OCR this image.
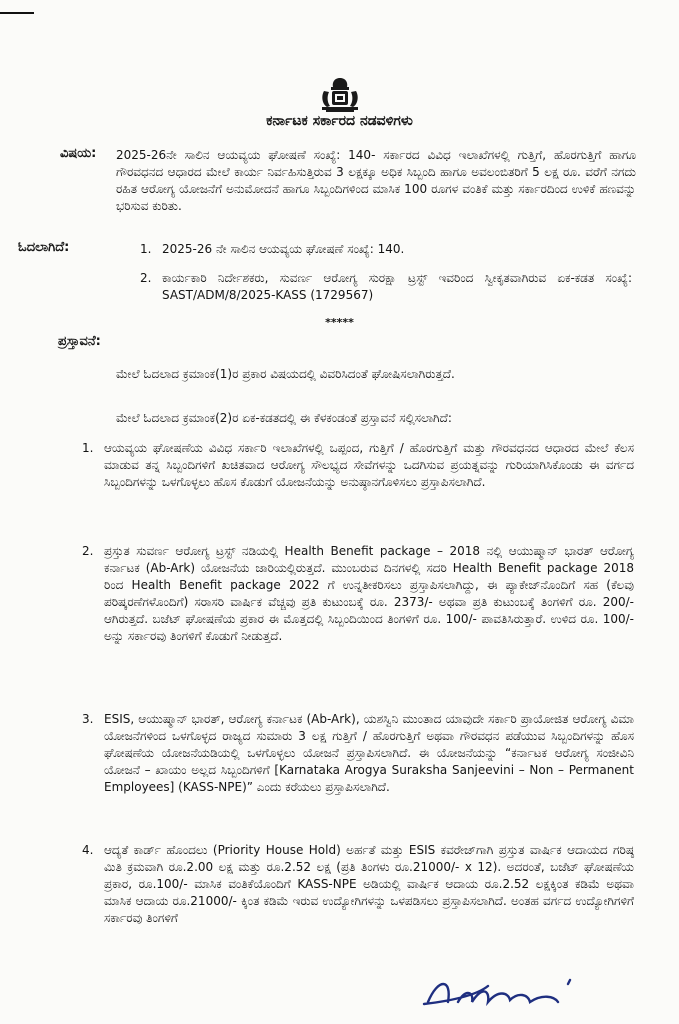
ಕರ್ನಾಟಕ ಸರ್ಕಾರದ ನಡವಳಿಗಳು
ವಿಷಯ: 2025-26ನೇ ಸಾಲಿನ ಆಯವ್ಯಯ ಘೋಷಣೆ ಸಂಖ್ಯೆ: 140- ಸರ್ಕಾರದ ವಿವಿಧ ಇಲಾಖೆಗಳಲ್ಲಿ ಗುತ್ತಿಗೆ, ಹೊರಗುತ್ತಿಗೆ ಹಾಗೂ ಗೌರವಧನದ ಆಧಾರದ ಮೇಲೆ ಕಾರ್ಯ ನಿರ್ವಹಿಸುತ್ತಿರುವ 3 ಲಕ್ಷಕ್ಕೂ ಅಧಿಕ ಸಿಬ್ಬಂದಿ ಹಾಗೂ ಅವಲಂಬಿತರಿಗೆ 5 ಲಕ್ಷ ರೂ. ವರೆಗೆ ನಗದು ರಹಿತ ಆರೋಗ್ಯ ಯೋಜನೆಗೆ ಅನುಮೋದನೆ ಹಾಗೂ ಸಿಬ್ಬಂದಿಗಳಿಂದ ಮಾಸಿಕ 100 ರೂಗಳ ವಂತಿಕೆ ಮತ್ತು ಸರ್ಕಾರದಿಂದ ಉಳಿಕೆ ಹಣವನ್ನು ಭರಿಸುವ ಕುರಿತು.
ಓದಲಾಗಿದೆ:	1. 2025-26 ನೇ ಸಾಲಿನ ಆಯವ್ಯಯ ಘೋಷಣೆ ಸಂಖ್ಯೆ: 140.
2. ಕಾರ್ಯಕಾರಿ ನಿರ್ದೇಶಕರು, ಸುವರ್ಣ ಆರೋಗ್ಯ ಸುರಕ್ಷಾ ಟ್ರಸ್ಟ್ ಇವರಿಂದ ಸ್ವೀಕೃತವಾಗಿರುವ ಏಕ-ಕಡತ ಸಂಖ್ಯೆ: SAST/ADM/8/2025-KASS (1729567)
*****
ಪ್ರಸ್ತಾವನೆ:
ಮೇಲೆ ಓದಲಾದ ಕ್ರಮಾಂಕ(1)ರ ಪ್ರಕಾರ ವಿಷಯದಲ್ಲಿ ವಿವರಿಸಿದಂತೆ ಘೋಷಿಸಲಾಗಿರುತ್ತದೆ.
ಮೇಲೆ ಓದಲಾದ ಕ್ರಮಾಂಕ(2)ರ ಏಕ-ಕಡತದಲ್ಲಿ ಈ ಕೆಳಕಂಡಂತೆ ಪ್ರಸ್ತಾವನೆ ಸಲ್ಲಿಸಲಾಗಿದೆ:
1. ಆಯವ್ಯಯ ಘೋಷಣೆಯ ವಿವಿಧ ಸರ್ಕಾರಿ ಇಲಾಖೆಗಳಲ್ಲಿ ಒಪ್ಪಂದ, ಗುತ್ತಿಗೆ / ಹೊರಗುತ್ತಿಗೆ ಮತ್ತು ಗೌರವಧನದ ಆಧಾರದ ಮೇಲೆ ಕೆಲಸ ಮಾಡುವ ತನ್ನ ಸಿಬ್ಬಂದಿಗಳಿಗೆ ಖಚಿತವಾದ ಆರೋಗ್ಯ ಸೌಲಭ್ಯದ ಸೇವೆಗಳನ್ನು ಒದಗಿಸುವ ಪ್ರಯತ್ನವನ್ನು ಗುರಿಯಾಗಿಸಿಕೊಂಡು ಈ ವರ್ಗದ ಸಿಬ್ಬಂದಿಗಳನ್ನು ಒಳಗೊಳ್ಳಲು ಹೊಸ ಕೊಡುಗೆ ಯೋಜನೆಯನ್ನು ಅನುಷ್ಠಾನಗೊಳಿಸಲು ಪ್ರಸ್ತಾಪಿಸಲಾಗಿದೆ.
2. ಪ್ರಸ್ತುತ ಸುವರ್ಣ ಆರೋಗ್ಯ ಟ್ರಸ್ಟ್ ನಡಿಯಲ್ಲಿ Health Benefit package – 2018 ನಲ್ಲಿ ಆಯುಷ್ಮಾನ್ ಭಾರತ್ ಆರೋಗ್ಯ ಕರ್ನಾಟಕ (Ab-Ark) ಯೋಜನೆಯ ಜಾರಿಯಲ್ಲಿರುತ್ತದೆ. ಮುಂಬರುವ ದಿನಗಳಲ್ಲಿ ಸದರಿ Health Benefit package 2018 ರಿಂದ Health Benefit package 2022 ಗೆ ಉನ್ನತೀಕರಿಸಲು ಪ್ರಸ್ತಾಪಿಸಲಾಗಿದ್ದು, ಈ ಪ್ಯಾಕೇಜ್‌ನೊಂದಿಗೆ ಸಹ (ಕೆಲವು ಪರಿಷ್ಕರಣೆಗಳೊಂದಿಗೆ) ಸರಾಸರಿ ವಾರ್ಷಿಕ ವೆಚ್ಚವು ಪ್ರತಿ ಕುಟುಂಬಕ್ಕೆ ರೂ. 2373/- ಅಥವಾ ಪ್ರತಿ ಕುಟುಂಬಕ್ಕೆ ತಿಂಗಳಿಗೆ ರೂ. 200/- ಆಗಿರುತ್ತದೆ. ಬಜೆಟ್ ಘೋಷಣೆಯ ಪ್ರಕಾರ ಈ ಮೊತ್ತದಲ್ಲಿ ಸಿಬ್ಬಂದಿಯಿಂದ ತಿಂಗಳಿಗೆ ರೂ. 100/- ಪಾವತಿಸಿರುತ್ತಾರೆ. ಉಳಿದ ರೂ. 100/- ಅನ್ನು ಸರ್ಕಾರವು ತಿಂಗಳಿಗೆ ಕೊಡುಗೆ ನೀಡುತ್ತದೆ.
3. ESIS, ಆಯುಷ್ಮಾನ್ ಭಾರತ್, ಆರೋಗ್ಯ ಕರ್ನಾಟಕ (Ab-Ark), ಯಶಸ್ವಿನಿ ಮುಂತಾದ ಯಾವುದೇ ಸರ್ಕಾರಿ ಪ್ರಾಯೋಜಿತ ಆರೋಗ್ಯ ವಿಮಾ ಯೋಜನೆಗಳಿಂದ ಒಳಗೊಳ್ಳದ ರಾಜ್ಯದ ಸುಮಾರು 3 ಲಕ್ಷ ಗುತ್ತಿಗೆ / ಹೊರಗುತ್ತಿಗೆ ಅಥವಾ ಗೌರವಧನ ಪಡೆಯುವ ಸಿಬ್ಬಂದಿಗಳನ್ನು ಹೊಸ ಘೋಷಣೆಯ ಯೋಜನೆಯಡಿಯಲ್ಲಿ ಒಳಗೊಳ್ಳಲು ಯೋಜನೆ ಪ್ರಸ್ತಾಪಿಸಲಾಗಿದೆ. ಈ ಯೋಜನೆಯನ್ನು “ಕರ್ನಾಟಕ ಆರೋಗ್ಯ ಸಂಜೀವಿನಿ ಯೋಜನೆ – ಖಾಯಂ ಅಲ್ಲದ ಸಿಬ್ಬಂದಿಗಳಿಗೆ [Karnataka Arogya Suraksha Sanjeevini – Non – Permanent Employees] (KASS-NPE)” ಎಂದು ಕರೆಯಲು ಪ್ರಸ್ತಾಪಿಸಲಾಗಿದೆ.
4. ಆದ್ಯತೆ ಕಾರ್ಡ್ ಹೊಂದಲು (Priority House Hold) ಅರ್ಹತೆ ಮತ್ತು ESIS ಕವರೇಜ್‌ಗಾಗಿ ಪ್ರಸ್ತುತ ವಾರ್ಷಿಕ ಆದಾಯದ ಗರಿಷ್ಠ ಮಿತಿ ಕ್ರಮವಾಗಿ ರೂ.2.00 ಲಕ್ಷ ಮತ್ತು ರೂ.2.52 ಲಕ್ಷ (ಪ್ರತಿ ತಿಂಗಳು ರೂ.21000/- x 12). ಅದರಂತೆ, ಬಜೆಟ್ ಘೋಷಣೆಯ ಪ್ರಕಾರ, ರೂ.100/- ಮಾಸಿಕ ವಂತಿಕೆಯೊಂದಿಗೆ KASS-NPE ಅಡಿಯಲ್ಲಿ ವಾರ್ಷಿಕ ಆದಾಯ ರೂ.2.52 ಲಕ್ಷಕ್ಕಿಂತ ಕಡಿಮೆ ಅಥವಾ ಮಾಸಿಕ ಆದಾಯ ರೂ.21000/- ಕ್ಕಿಂತ ಕಡಿಮೆ ಇರುವ ಉದ್ಯೋಗಿಗಳನ್ನು ಒಳಪಡಿಸಲು ಪ್ರಸ್ತಾಪಿಸಲಾಗಿದೆ. ಅಂತಹ ವರ್ಗದ ಉದ್ಯೋಗಿಗಳಿಗೆ ಸರ್ಕಾರವು ತಿಂಗಳಿಗೆ
